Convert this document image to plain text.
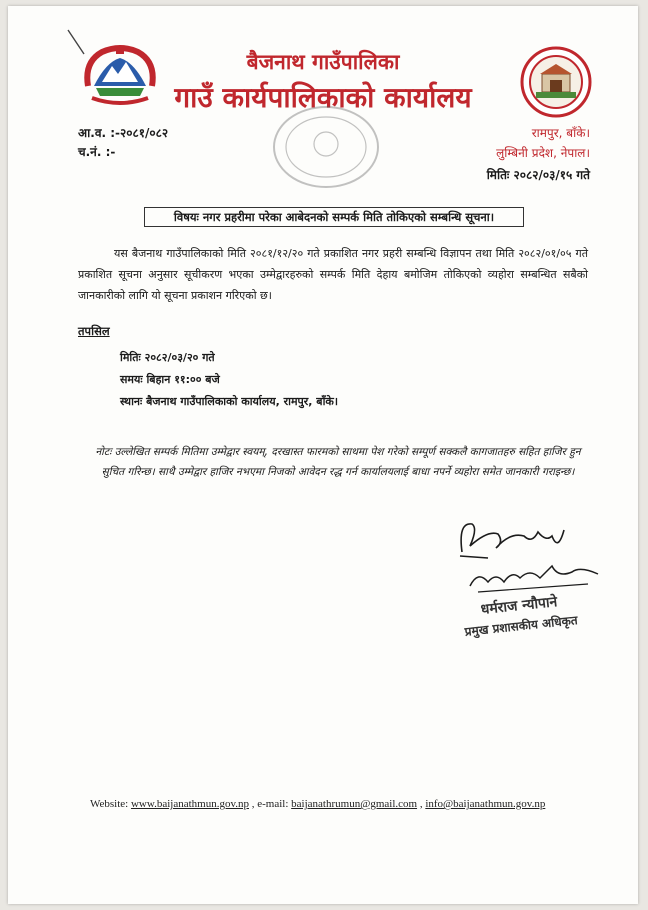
बैजनाथ गाउँपालिका
गाउँ कार्यपालिकाको कार्यालय
आ.व. :-२०८१/०८२
च.नं. :-
रामपुर, बाँके।
लुम्बिनी प्रदेश, नेपाल।
मितिः २०८२/०३/१५ गते
विषयः नगर प्रहरीमा परेका आबेदनको सम्पर्क मिति तोकिएको सम्बन्धि सूचना।

यस बैजनाथ गाउँपालिकाको मिति २०८१/१२/२० गते प्रकाशित नगर प्रहरी सम्बन्धि विज्ञापन तथा मिति २०८२/०१/०५ गते प्रकाशित सूचना अनुसार सूचीकरण भएका उम्मेद्वारहरुको सम्पर्क मिति देहाय बमोजिम तोकिएको व्यहोरा सम्बन्धित सबैको जानकारीको लागि यो सूचना प्रकाशन गरिएको छ।

तपसिल
मितिः २०८२/०३/२० गते
समयः बिहान ११:०० बजे
स्थानः बैजनाथ गाउँपालिकाको कार्यालय, रामपुर, बाँके।
नोटः उल्लेखित सम्पर्क मितिमा उम्मेद्वार स्वयम्, दरखास्त फारमको साथमा पेश गरेको सम्पूर्ण सक्कलै कागजातहरु सहित हाजिर हुन सुचित गरिन्छ। साथै उम्मेद्वार हाजिर नभएमा निजको आवेदन रद्ध गर्न कार्यालयलाई बाधा नपर्ने व्यहोरा समेत जानकारी गराइन्छ।
धर्मराज न्यौपाने
प्रमुख प्रशासकीय अधिकृत
Website: www.baijanathmun.gov.np , e-mail: baijanathrumun@gmail.com , info@baijanathmun.gov.np
